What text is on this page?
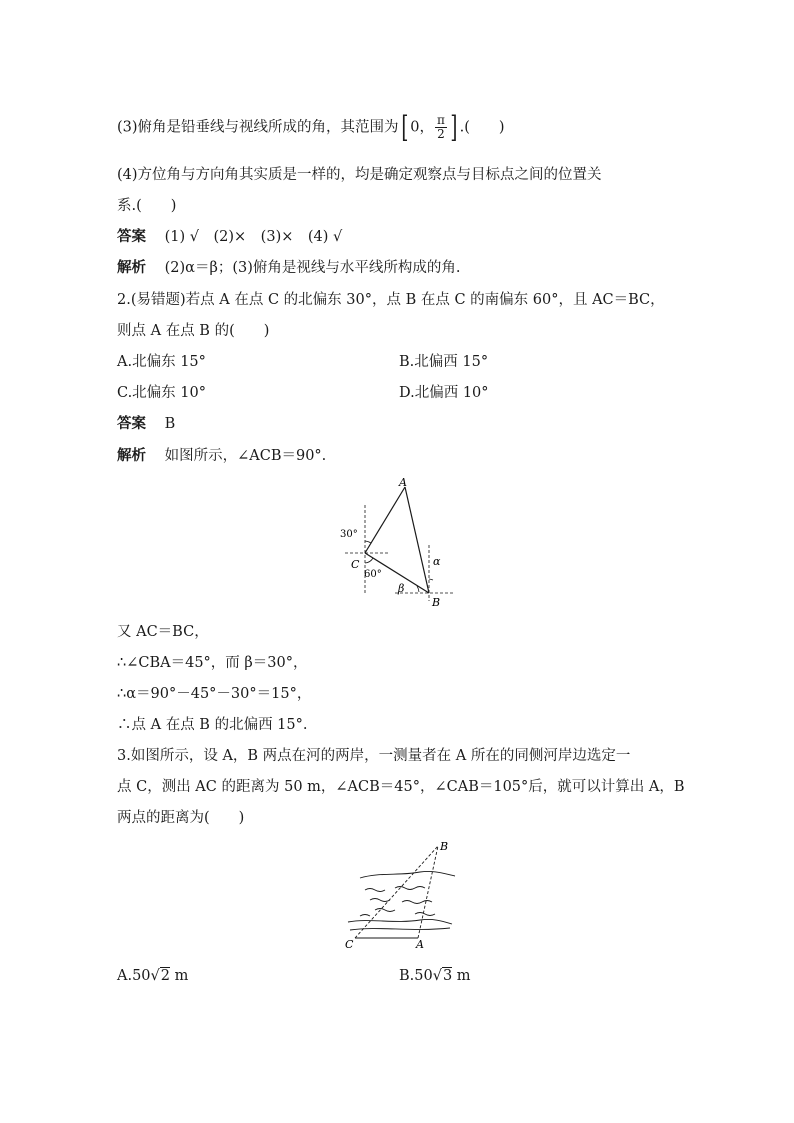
(3)俯角是铅垂线与视线所成的角，其范围为[ 0， $\frac{\pi}{2}$ ] .(　　)
(4)方位角与方向角其实质是一样的，均是确定观察点与目标点之间的位置关
系.(　　)
答案 (1) √　(2)×　(3)×　(4) √
解析 (2)α＝β；(3)俯角是视线与水平线所构成的角.
2.(易错题)若点 A 在点 C 的北偏东 30°，点 B 在点 C 的南偏东 60°，且 AC＝BC，
则点 A 在点 B 的(　　)
A.北偏东 15°	B.北偏西 15°
C.北偏东 10°	D.北偏西 10°
答案 B
解析 如图所示，∠ACB＝90°.
A
C
B
30°
60°
α
β
又 AC＝BC，
∴∠CBA＝45°，而 β＝30°，
∴α＝90°－45°－30°＝15°，
∴点 A 在点 B 的北偏西 15°.
3.如图所示，设 A，B 两点在河的两岸，一测量者在 A 所在的同侧河岸边选定一
点 C，测出 AC 的距离为 50 m，∠ACB＝45°，∠CAB＝105°后，就可以计算出 A，B
两点的距离为(　　)
B
C	A
A.50√2 m	B.50√3 m
